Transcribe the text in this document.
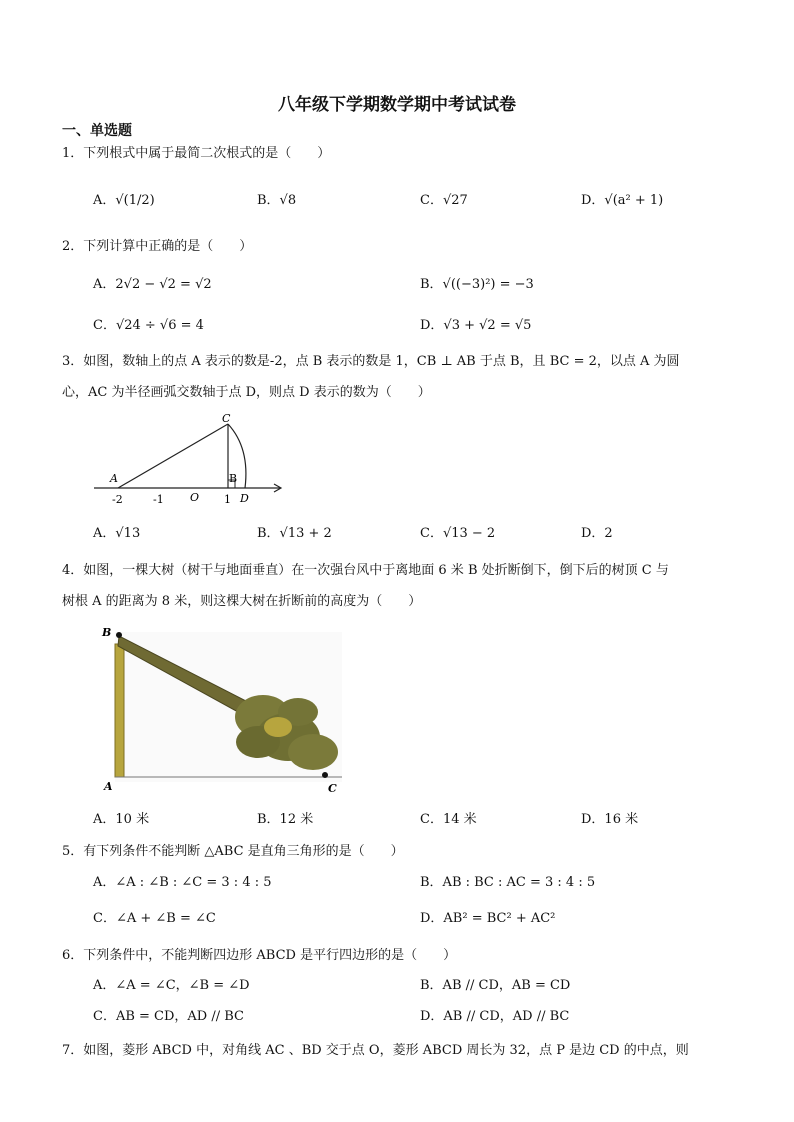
八年级下学期数学期中考试试卷
一、单选题
1．下列根式中属于最简二次根式的是（　　）
A．√(1/2)	B．√8	C．√27	D．√(a² + 1)
2．下列计算中正确的是（　　）
A．2√2 − √2 = √2	B．√((−3)²) = −3
C．√24 ÷ √6 = 4	D．√3 + √2 = √5
3．如图，数轴上的点 A 表示的数是-2，点 B 表示的数是 1，CB ⊥ AB 于点 B，且 BC = 2，以点 A 为圆
心，AC 为半径画弧交数轴于点 D，则点 D 表示的数为（　　）
A
C
B
D
O
-2	-1	1
A．√13	B．√13 + 2	C．√13 − 2	D．2
4．如图，一棵大树（树干与地面垂直）在一次强台风中于离地面 6 米 B 处折断倒下，倒下后的树顶 C 与
树根 A 的距离为 8 米，则这棵大树在折断前的高度为（　　）
B
A	C
A．10 米	B．12 米	C．14 米	D．16 米
5．有下列条件不能判断 △ABC 是直角三角形的是（　　）
A．∠A : ∠B : ∠C = 3 : 4 : 5	B．AB : BC : AC = 3 : 4 : 5
C．∠A + ∠B = ∠C	D．AB² = BC² + AC²
6．下列条件中，不能判断四边形 ABCD 是平行四边形的是（　　）
A．∠A = ∠C，∠B = ∠D	B．AB // CD，AB = CD
C．AB = CD，AD // BC	D．AB // CD，AD // BC
7．如图，菱形 ABCD 中，对角线 AC 、BD 交于点 O，菱形 ABCD 周长为 32，点 P 是边 CD 的中点，则
